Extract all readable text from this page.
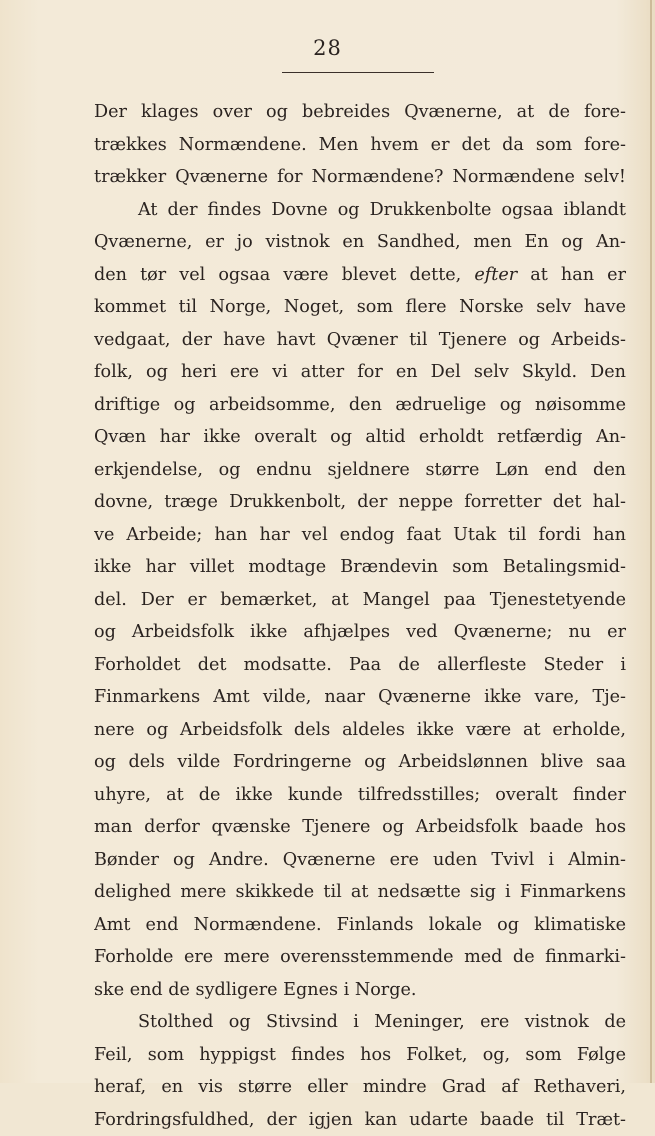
28
Der klages over og bebreides Qvænerne, at de fore-
trækkes Normændene. Men hvem er det da som fore-
trækker Qvænerne for Normændene? Normændene selv!
At der findes Dovne og Drukkenbolte ogsaa iblandt
Qvænerne, er jo vistnok en Sandhed, men En og An-
den tør vel ogsaa være blevet dette, efter at han er
kommet til Norge, Noget, som flere Norske selv have
vedgaat, der have havt Qvæner til Tjenere og Arbeids-
folk, og heri ere vi atter for en Del selv Skyld. Den
driftige og arbeidsomme, den ædruelige og nøisomme
Qvæn har ikke overalt og altid erholdt retfærdig An-
erkjendelse, og endnu sjeldnere større Løn end den
dovne, træge Drukkenbolt, der neppe forretter det hal-
ve Arbeide; han har vel endog faat Utak til fordi han
ikke har villet modtage Brændevin som Betalingsmid-
del. Der er bemærket, at Mangel paa Tjenestetyende
og Arbeidsfolk ikke afhjælpes ved Qvænerne; nu er
Forholdet det modsatte. Paa de allerfleste Steder i
Finmarkens Amt vilde, naar Qvænerne ikke vare, Tje-
nere og Arbeidsfolk dels aldeles ikke være at erholde,
og dels vilde Fordringerne og Arbeidslønnen blive saa
uhyre, at de ikke kunde tilfredsstilles; overalt finder
man derfor qvænske Tjenere og Arbeidsfolk baade hos
Bønder og Andre. Qvænerne ere uden Tvivl i Almin-
delighed mere skikkede til at nedsætte sig i Finmarkens
Amt end Normændene. Finlands lokale og klimatiske
Forholde ere mere overensstemmende med de finmarki-
ske end de sydligere Egnes i Norge.
Stolthed og Stivsind i Meninger, ere vistnok de
Feil, som hyppigst findes hos Folket, og, som Følge
heraf, en vis større eller mindre Grad af Rethaveri,
Fordringsfuldhed, der igjen kan udarte baade til Træt-
